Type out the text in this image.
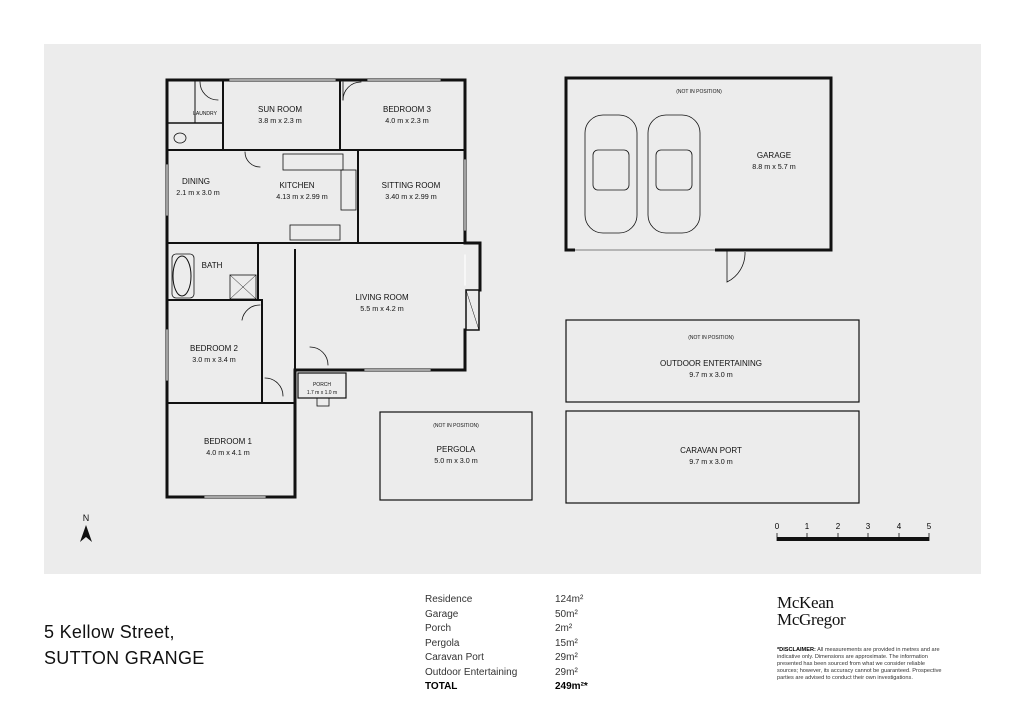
SUN ROOM
3.8 m x 2.3 m
BEDROOM 3
4.0 m x 2.3 m
LAUNDRY
DINING
2.1 m x 3.0 m
KITCHEN
4.13 m x 2.99 m
SITTING ROOM
3.40 m x 2.99 m
BATH
LIVING ROOM
5.5 m x 4.2 m
BEDROOM 2
3.0 m x 3.4 m
PORCH
1.7 m x 1.0 m
BEDROOM 1
4.0 m x 4.1 m
(NOT IN POSITION)
GARAGE
8.8 m x 5.7 m
(NOT IN POSITION)
OUTDOOR ENTERTAINING
9.7 m x 3.0 m
CARAVAN PORT
9.7 m x 3.0 m
(NOT IN POSITION)
PERGOLA
5.0 m x 3.0 m
N
0	1	2	3	4	5
5 Kellow Street,
SUTTON GRANGE
Residence	124m²
Garage	50m²
Porch	2m²
Pergola	15m²
Caravan Port	29m²
Outdoor Entertaining	29m²
TOTAL	249m²*
McKean
McGregor
*DISCLAIMER: All measurements are provided in metres and are indicative only. Dimensions are approximate. The information presented has been sourced from what we consider reliable sources; however, its accuracy cannot be guaranteed. Prospective parties are advised to conduct their own investigations.
